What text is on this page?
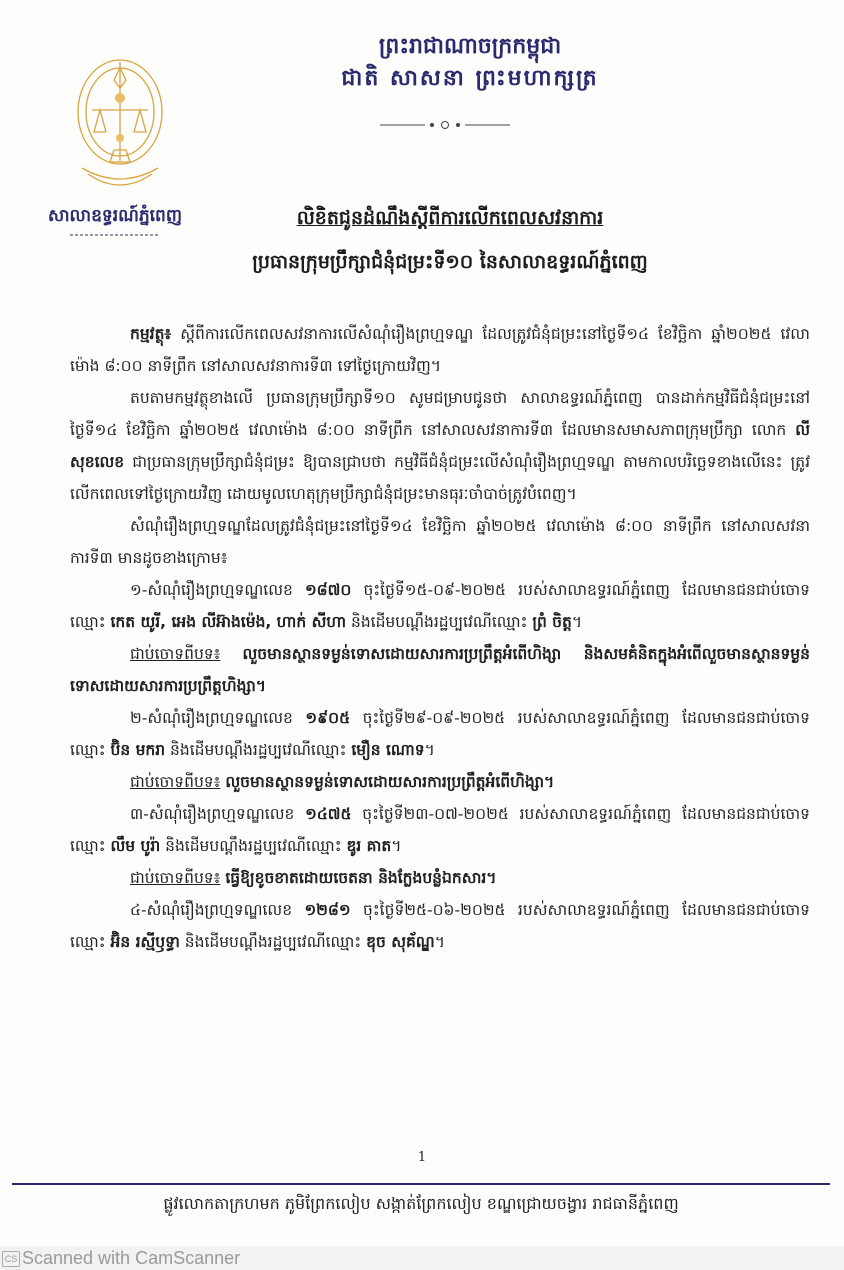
ព្រះរាជាណាចក្រកម្ពុជា
ជាតិ សាសនា ព្រះមហាក្សត្រ
សាលាឧទ្ធរណ៍ភ្នំពេញ	លិខិតជូនដំណឹងស្តីពីការលើកពេលសវនាការ
ប្រធានក្រុមប្រឹក្សាជំនុំជម្រះទី១០ នៃសាលាឧទ្ធរណ៍ភ្នំពេញ

កម្មវត្ថុ៖ ស្តីពីការលើកពេលសវនាការលើសំណុំរឿងព្រហ្មទណ្ឌ ដែលត្រូវជំនុំជម្រះនៅថ្ងៃទី១៤ ខែវិច្ឆិកា ឆ្នាំ២០២៥ វេលាម៉ោង ៨:០០ នាទីព្រឹក នៅសាលសវនាការទី៣ ទៅថ្ងៃក្រោយវិញ។

តបតាមកម្មវត្ថុខាងលើ ប្រធានក្រុមប្រឹក្សាទី១០ សូមជម្រាបជូនថា សាលាឧទ្ធរណ៍ភ្នំពេញ បានដាក់កម្មវិធីជំនុំជម្រះនៅថ្ងៃទី១៤ ខែវិច្ឆិកា ឆ្នាំ២០២៥ វេលាម៉ោង ៨:០០ នាទីព្រឹក នៅសាលសវនាការទី៣ ដែលមានសមាសភាពក្រុមប្រឹក្សា លោក លី សុខលេខ ជាប្រធានក្រុមប្រឹក្សាជំនុំជម្រះ ឱ្យបានជ្រាបថា កម្មវិធីជំនុំជម្រះលើសំណុំរឿងព្រហ្មទណ្ឌ តាមកាលបរិច្ឆេទខាងលើនេះ ត្រូវលើកពេលទៅថ្ងៃក្រោយវិញ ដោយមូលហេតុក្រុមប្រឹក្សាជំនុំជម្រះមានធុរៈចាំបាច់ត្រូវបំពេញ។

សំណុំរឿងព្រហ្មទណ្ឌដែលត្រូវជំនុំជម្រះនៅថ្ងៃទី១៤ ខែវិច្ឆិកា ឆ្នាំ២០២៥ វេលាម៉ោង ៨:០០ នាទីព្រឹក នៅសាលសវនាការទី៣ មានដូចខាងក្រោម៖

១-សំណុំរឿងព្រហ្មទណ្ឌលេខ ១៨៧០ ចុះថ្ងៃទី១៥-០៩-២០២៥ របស់សាលាឧទ្ធរណ៍ភ្នំពេញ ដែលមានជនជាប់ចោទឈ្មោះ កេត យូរី, អេង លីអ៊ាងម៉េង, ហាក់ សីហា និងដើមបណ្តឹងរដ្ឋប្បវេណីឈ្មោះ ព្រំ ចិត្ត។

ជាប់ចោទពីបទ៖ លួចមានស្ថានទម្ងន់ទោសដោយសារការប្រព្រឹត្តអំពើហិង្សា និងសមគំនិតក្នុងអំពើលួចមានស្ថានទម្ងន់ទោសដោយសារការប្រព្រឹត្តហិង្សា។

២-សំណុំរឿងព្រហ្មទណ្ឌលេខ ១៩០៥ ចុះថ្ងៃទី២៩-០៩-២០២៥ របស់សាលាឧទ្ធរណ៍ភ្នំពេញ ដែលមានជនជាប់ចោទឈ្មោះ ប៊ិន មករា និងដើមបណ្តឹងរដ្ឋប្បវេណីឈ្មោះ មឿន ណោទ។

ជាប់ចោទពីបទ៖ លួចមានស្ថានទម្ងន់ទោសដោយសារការប្រព្រឹត្តអំពើហិង្សា។

៣-សំណុំរឿងព្រហ្មទណ្ឌលេខ ១៤៧៥ ចុះថ្ងៃទី២៣-០៧-២០២៥ របស់សាលាឧទ្ធរណ៍ភ្នំពេញ ដែលមានជនជាប់ចោទឈ្មោះ លឹម បូរ៉ា និងដើមបណ្តឹងរដ្ឋប្បវេណីឈ្មោះ ឌូរ គាត។

ជាប់ចោទពីបទ៖ ធ្វើឱ្យខូចខាតដោយចេតនា និងក្លែងបន្លំឯកសារ។

៤-សំណុំរឿងព្រហ្មទណ្ឌលេខ ១២៨១ ចុះថ្ងៃទី២៥-០៦-២០២៥ របស់សាលាឧទ្ធរណ៍ភ្នំពេញ ដែលមានជនជាប់ចោទឈ្មោះ អ៊ិន រស្មីឫទ្ធា និងដើមបណ្តឹងរដ្ឋប្បវេណីឈ្មោះ ឌុច សុគ័ណ្ឌ។

1
ផ្លូវលោកតាក្រហមក ភូមិព្រែកលៀប សង្កាត់ព្រែកលៀប ខណ្ឌជ្រោយចង្វារ រាជធានីភ្នំពេញ
CS Scanned with CamScanner
